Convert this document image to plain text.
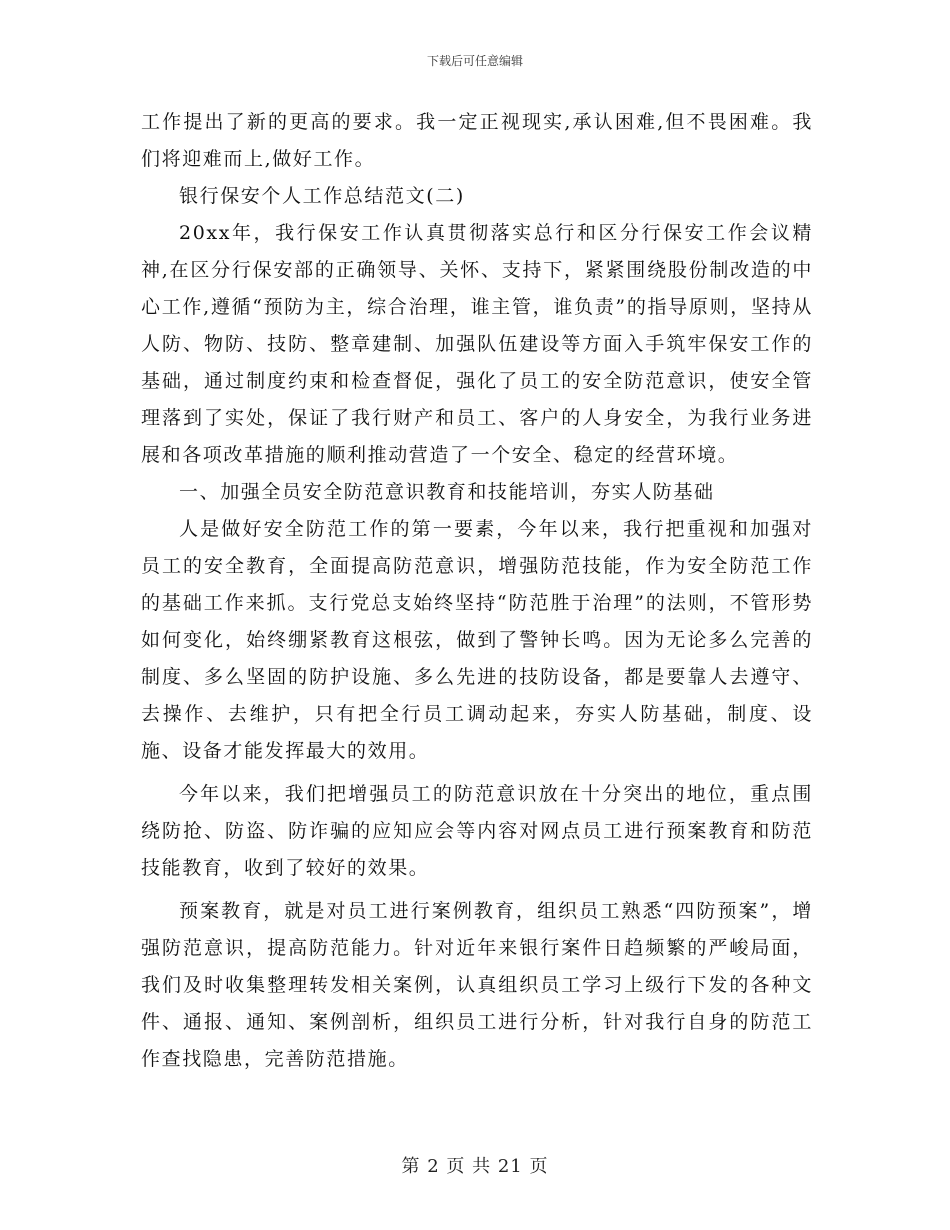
下载后可任意编辑

工作提出了新的更高的要求。我一定正视现实,承认困难,但不畏困难。我们将迎难而上,做好工作。

银行保安个人工作总结范文(二)

20xx年，我行保安工作认真贯彻落实总行和区分行保安工作会议精神,在区分行保安部的正确领导、关怀、支持下，紧紧围绕股份制改造的中心工作,遵循“预防为主，综合治理，谁主管，谁负责”的指导原则，坚持从人防、物防、技防、整章建制、加强队伍建设等方面入手筑牢保安工作的基础，通过制度约束和检查督促，强化了员工的安全防范意识，使安全管理落到了实处，保证了我行财产和员工、客户的人身安全，为我行业务进展和各项改革措施的顺利推动营造了一个安全、稳定的经营环境。

一、加强全员安全防范意识教育和技能培训，夯实人防基础

人是做好安全防范工作的第一要素，今年以来，我行把重视和加强对员工的安全教育，全面提高防范意识，增强防范技能，作为安全防范工作的基础工作来抓。支行党总支始终坚持“防范胜于治理”的法则，不管形势如何变化，始终绷紧教育这根弦，做到了警钟长鸣。因为无论多么完善的制度、多么坚固的防护设施、多么先进的技防设备，都是要靠人去遵守、去操作、去维护，只有把全行员工调动起来，夯实人防基础，制度、设施、设备才能发挥最大的效用。

今年以来，我们把增强员工的防范意识放在十分突出的地位，重点围绕防抢、防盗、防诈骗的应知应会等内容对网点员工进行预案教育和防范技能教育，收到了较好的效果。

预案教育，就是对员工进行案例教育，组织员工熟悉“四防预案”，增强防范意识，提高防范能力。针对近年来银行案件日趋频繁的严峻局面，我们及时收集整理转发相关案例，认真组织员工学习上级行下发的各种文件、通报、通知、案例剖析，组织员工进行分析，针对我行自身的防范工作查找隐患，完善防范措施。

第 2 页 共 21 页
